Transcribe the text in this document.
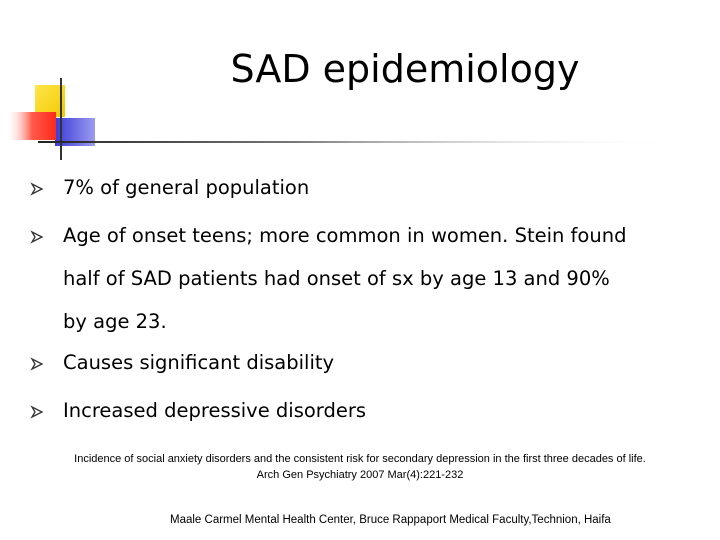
SAD epidemiology
7% of general population
Age of onset teens; more common in women. Stein found
half of SAD patients had onset of sx by age 13 and 90%
by age 23.
Causes significant disability
Increased depressive disorders
Incidence of social anxiety disorders and the consistent risk for secondary depression in the first three decades of life.
Arch Gen Psychiatry 2007 Mar(4):221-232
Maale Carmel Mental Health Center, Bruce Rappaport Medical Faculty,Technion, Haifa
